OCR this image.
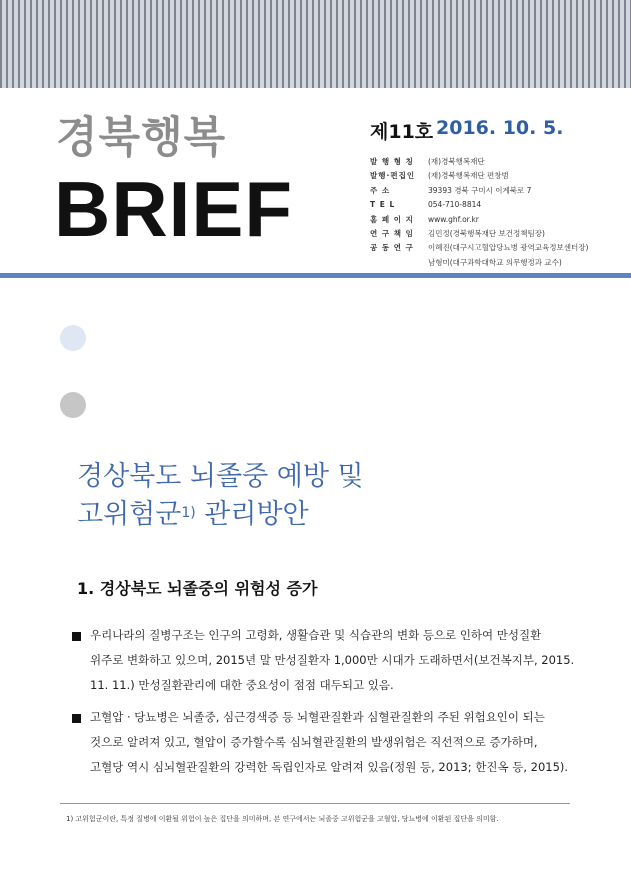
경북행복
BRIEF
제11호 2016. 10. 5.
발 행 형 칭	(재)경북행복재단
발행·편집인	(재)경북행복재단 편창범
주 소	39393 경북 구미시 이계북로 7
T E L	054-710-8814
홈 페 이 지	www.ghf.or.kr
연 구 책 임	김민정(경북행복재단 보건정책팀장)
공 동 연 구	이혜진(대구시고혈압당뇨병 광역교육정보센터장)
남형미(대구과학대학교 의무행정과 교수)
경상북도 뇌졸중 예방 및
고위험군$^{1)}$ 관리방안
1. 경상북도 뇌졸중의 위험성 증가
우리나라의 질병구조는 인구의 고령화, 생활습관 및 식습관의 변화 등으로 인하여 만성질환
위주로 변화하고 있으며, 2015년 말 만성질환자 1,000만 시대가 도래하면서(보건복지부, 2015.
11. 11.) 만성질환관리에 대한 중요성이 점점 대두되고 있음.
고혈압 · 당뇨병은 뇌졸중, 심근경색증 등 뇌혈관질환과 심혈관질환의 주된 위험요인이 되는
것으로 알려져 있고, 혈압이 증가할수록 심뇌혈관질환의 발생위험은 직선적으로 증가하며,
고혈당 역시 심뇌혈관질환의 강력한 독립인자로 알려져 있음(정원 등, 2013; 한진옥 등, 2015).
1) 고위험군이란, 특정 질병에 이환될 위험이 높은 집단을 의미하며, 본 연구에서는 뇌졸중 고위험군을 고혈압, 당뇨병에 이환된 집단을 의미함.
